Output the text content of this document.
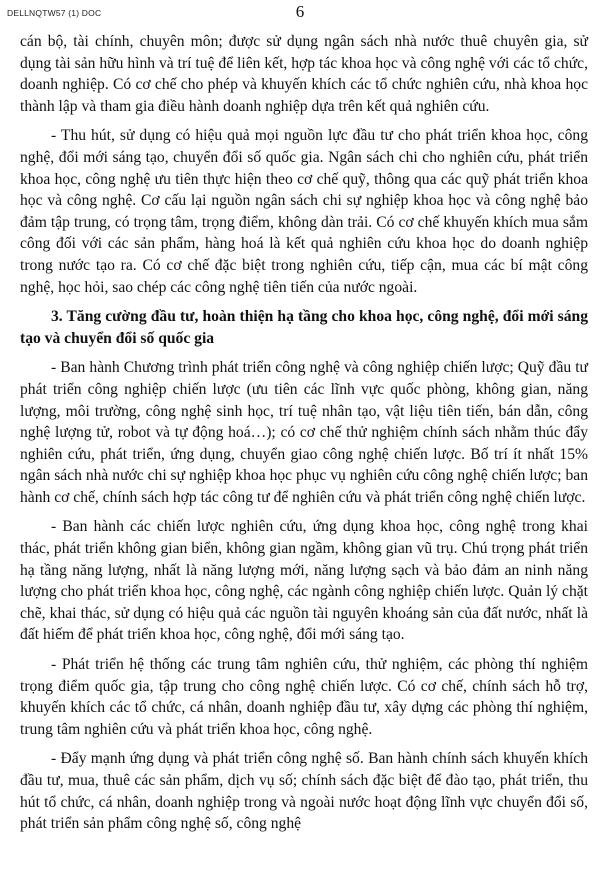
DELLNQTW57 (1) DOC	6

cán bộ, tài chính, chuyên môn; được sử dụng ngân sách nhà nước thuê chuyên gia, sử dụng tài sản hữu hình và trí tuệ để liên kết, hợp tác khoa học và công nghệ với các tổ chức, doanh nghiệp. Có cơ chế cho phép và khuyến khích các tổ chức nghiên cứu, nhà khoa học thành lập và tham gia điều hành doanh nghiệp dựa trên kết quả nghiên cứu.

- Thu hút, sử dụng có hiệu quả mọi nguồn lực đầu tư cho phát triển khoa học, công nghệ, đổi mới sáng tạo, chuyển đổi số quốc gia. Ngân sách chi cho nghiên cứu, phát triển khoa học, công nghệ ưu tiên thực hiện theo cơ chế quỹ, thông qua các quỹ phát triển khoa học và công nghệ. Cơ cấu lại nguồn ngân sách chi sự nghiệp khoa học và công nghệ bảo đảm tập trung, có trọng tâm, trọng điểm, không dàn trải. Có cơ chế khuyến khích mua sắm công đối với các sản phẩm, hàng hoá là kết quả nghiên cứu khoa học do doanh nghiệp trong nước tạo ra. Có cơ chế đặc biệt trong nghiên cứu, tiếp cận, mua các bí mật công nghệ, học hỏi, sao chép các công nghệ tiên tiến của nước ngoài.

3. Tăng cường đầu tư, hoàn thiện hạ tầng cho khoa học, công nghệ, đổi mới sáng tạo và chuyển đổi số quốc gia

- Ban hành Chương trình phát triển công nghệ và công nghiệp chiến lược; Quỹ đầu tư phát triển công nghiệp chiến lược (ưu tiên các lĩnh vực quốc phòng, không gian, năng lượng, môi trường, công nghệ sinh học, trí tuệ nhân tạo, vật liệu tiên tiến, bán dẫn, công nghệ lượng tử, robot và tự động hoá…); có cơ chế thử nghiệm chính sách nhằm thúc đẩy nghiên cứu, phát triển, ứng dụng, chuyển giao công nghệ chiến lược. Bố trí ít nhất 15% ngân sách nhà nước chi sự nghiệp khoa học phục vụ nghiên cứu công nghệ chiến lược; ban hành cơ chế, chính sách hợp tác công tư để nghiên cứu và phát triển công nghệ chiến lược.

- Ban hành các chiến lược nghiên cứu, ứng dụng khoa học, công nghệ trong khai thác, phát triển không gian biển, không gian ngầm, không gian vũ trụ. Chú trọng phát triển hạ tầng năng lượng, nhất là năng lượng mới, năng lượng sạch và bảo đảm an ninh năng lượng cho phát triển khoa học, công nghệ, các ngành công nghiệp chiến lược. Quản lý chặt chẽ, khai thác, sử dụng có hiệu quả các nguồn tài nguyên khoáng sản của đất nước, nhất là đất hiếm để phát triển khoa học, công nghệ, đổi mới sáng tạo.

- Phát triển hệ thống các trung tâm nghiên cứu, thử nghiệm, các phòng thí nghiệm trọng điểm quốc gia, tập trung cho công nghệ chiến lược. Có cơ chế, chính sách hỗ trợ, khuyến khích các tổ chức, cá nhân, doanh nghiệp đầu tư, xây dựng các phòng thí nghiệm, trung tâm nghiên cứu và phát triển khoa học, công nghệ.

- Đẩy mạnh ứng dụng và phát triển công nghệ số. Ban hành chính sách khuyến khích đầu tư, mua, thuê các sản phẩm, dịch vụ số; chính sách đặc biệt để đào tạo, phát triển, thu hút tổ chức, cá nhân, doanh nghiệp trong và ngoài nước hoạt động lĩnh vực chuyển đổi số, phát triển sản phẩm công nghệ số, công nghệ
